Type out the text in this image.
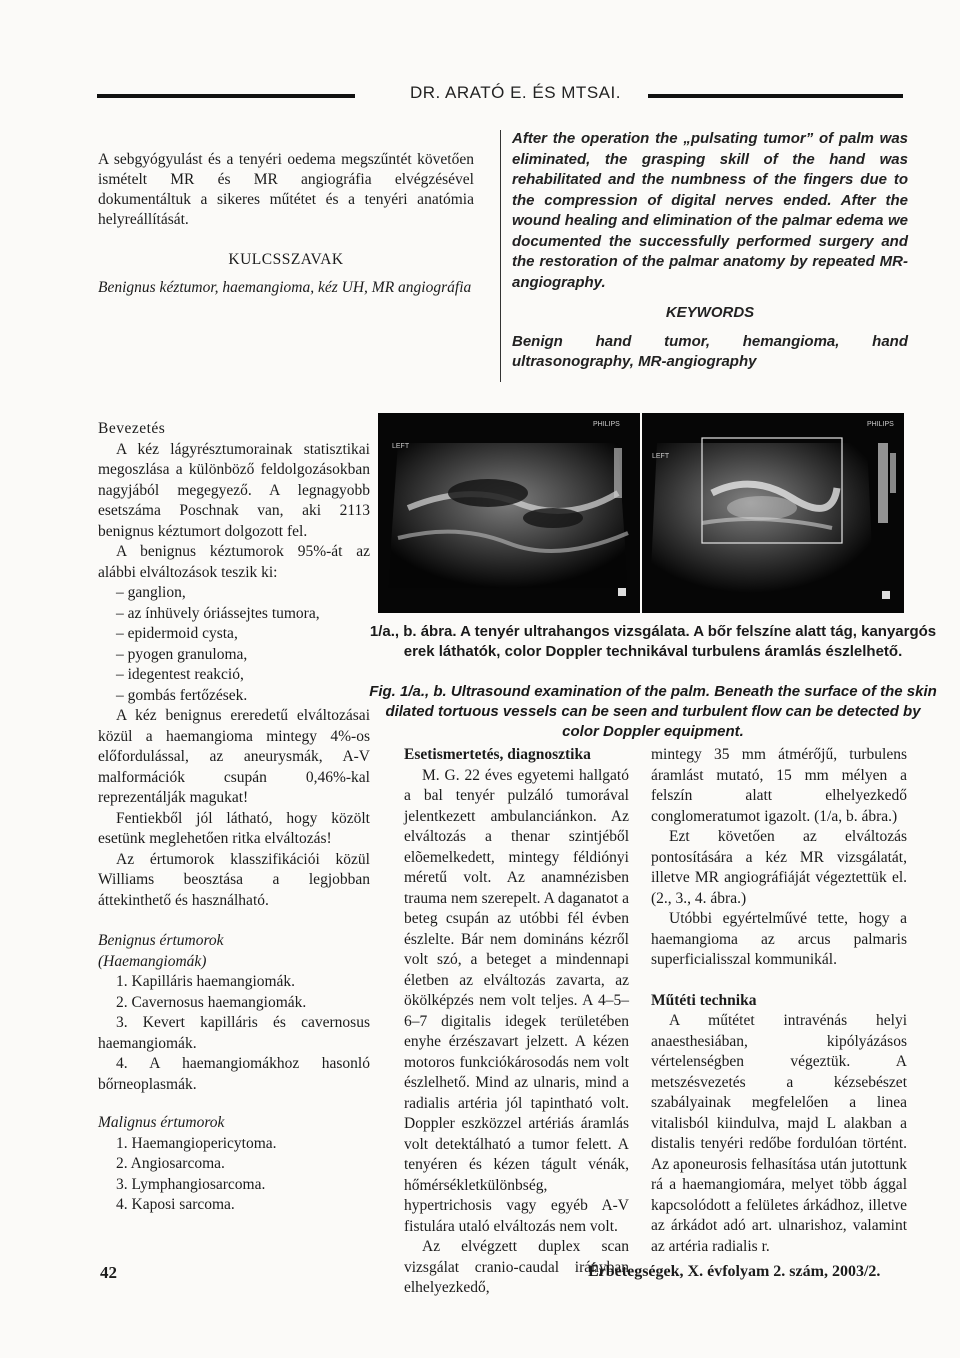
DR. ARATÓ E. ÉS MTSAI.

A sebgyógyulást és a tenyéri oedema megszűntét követően ismételt MR és MR angiográfia elvégzésével dokumentáltuk a sikeres műtétet és a tenyéri anatómia helyreállítását.

KULCSSZAVAK

Benignus kéztumor, haemangioma, kéz UH, MR angiográfia

After the operation the „pulsating tumor” of palm was eliminated, the grasping skill of the hand was rehabilitated and the numbness of the fingers due to the compression of digital nerves ended. After the wound healing and elimination of the palmar edema we documented the successfully performed surgery and the restoration of the palmar anatomy by repeated MR-angiography.

KEYWORDS

Benign hand tumor, hemangioma, hand ultrasonography, MR-angiography

Bevezetés

A kéz lágyrésztumorainak statisztikai megoszlása a különböző feldolgozásokban nagyjából megegyező. A legnagyobb esetszáma Poschnak van, aki 2113 benignus kéztumort dolgozott fel.

A benignus kéztumorok 95%-át az alábbi elváltozások teszik ki:

– ganglion,

– az ínhüvely óriássejtes tumora,

– epidermoid cysta,

– pyogen granuloma,

– idegentest reakció,

– gombás fertőzések.

A kéz benignus ereredetű elváltozásai közül a haemangioma mintegy 4%-os előfordulással, az aneurysmák, A-V malformációk csupán 0,46%-kal reprezentálják magukat!

Fentiekből jól látható, hogy közölt esetünk meglehetően ritka elváltozás!

Az értumorok klasszifikációi közül Williams beosztása a legjobban áttekinthető és használható.

Benignus értumorok

(Haemangiomák)

1. Kapilláris haemangiomák.

2. Cavernosus haemangiomák.

3. Kevert kapilláris és cavernosus haemangiomák.

4. A haemangiomákhoz hasonló bőrneoplasmák.

Malignus értumorok

1. Haemangiopericytoma.

2. Angiosarcoma.

3. Lymphangiosarcoma.

4. Kaposi sarcoma.

PHILIPS
LEFT
PHILIPS
LEFT
1/a., b. ábra. A tenyér ultrahangos vizsgálata. A bőr felszíne alatt tág, kanyargós erek láthatók, color Doppler technikával turbulens áramlás észlelhető.
Fig. 1/a., b. Ultrasound examination of the palm. Beneath the surface of the skin dilated tortuous vessels can be seen and turbulent flow can be detected by color Doppler equipment.

Esetismertetés, diagnosztika

M. G. 22 éves egyetemi hallgató a bal tenyér pulzáló tumorával jelentkezett ambulanciánkon. Az elváltozás a thenar szintjéből elõemelkedett, mintegy féldiónyi méretű volt. Az anamnézisben trauma nem szerepelt. A daganatot a beteg csupán az utóbbi fél évben észlelte. Bár nem domináns kézről volt szó, a beteget a mindennapi életben az elváltozás zavarta, az ökölképzés nem volt teljes. A 4–5–6–7 digitalis idegek területében enyhe érzészavart jelzett. A kézen motoros funkciókárosodás nem volt észlelhető. Mind az ulnaris, mind a radialis artéria jól tapintható volt. Doppler eszközzel artériás áramlás volt detektálható a tumor felett. A tenyéren és kézen tágult vénák, hőmérsékletkülönbség, hypertrichosis vagy egyéb A-V fistulára utaló elváltozás nem volt.

Az elvégzett duplex scan vizsgálat cranio-caudal irányban elhelyezkedő,

mintegy 35 mm átmérőjű, turbulens áramlást mutató, 15 mm mélyen a felszín alatt elhelyezkedő conglomeratumot igazolt. (1/a, b. ábra.)

Ezt követően az elváltozás pontosítására a kéz MR vizsgálatát, illetve MR angiográfiáját végeztettük el. (2., 3., 4. ábra.)

Utóbbi egyértelművé tette, hogy a haemangioma az arcus palmaris superficialisszal kommunikál.

Műtéti technika

A műtétet intravénás helyi anaesthesiában, kipólyázásos vértelenségben végeztük. A metszésvezetés a kézsebészet szabályainak megfelelően a linea vitalisból kiindulva, majd L alakban a distalis tenyéri redőbe fordulóan történt. Az aponeurosis felhasítása után jutottunk rá a haemangiomára, melyet több ággal kapcsolódott a felületes árkádhoz, illetve az árkádot adó art. ulnarishoz, valamint az artéria radialis r.

42	Érbetegségek, X. évfolyam 2. szám, 2003/2.
